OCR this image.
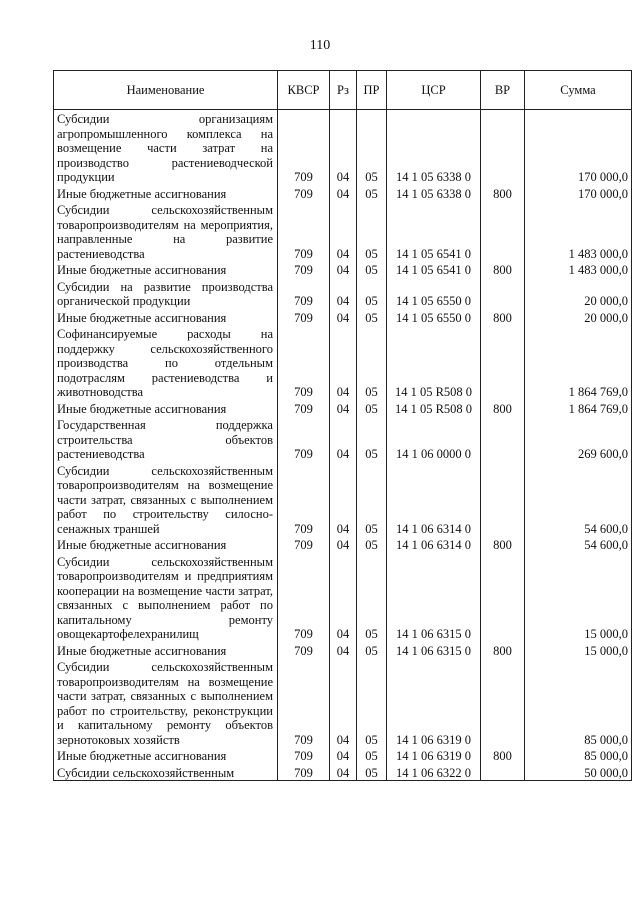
110
Наименование	КВСР	Рз	ПР	ЦСР	ВР	Сумма
Субсидии организациям агропромышленного комплекса на возмещение части затрат на производство растениеводческой продукции	709	04	05	14 1 05 6338 0		170 000,0
Иные бюджетные ассигнования	709	04	05	14 1 05 6338 0	800	170 000,0
Субсидии сельскохозяйственным товаропроизводителям на мероприятия, направленные на развитие растениеводства	709	04	05	14 1 05 6541 0		1 483 000,0
Иные бюджетные ассигнования	709	04	05	14 1 05 6541 0	800	1 483 000,0
Субсидии на развитие производства органической продукции	709	04	05	14 1 05 6550 0		20 000,0
Иные бюджетные ассигнования	709	04	05	14 1 05 6550 0	800	20 000,0
Софинансируемые расходы на поддержку сельскохозяйственного производства по отдельным подотраслям растениеводства и животноводства	709	04	05	14 1 05 R508 0		1 864 769,0
Иные бюджетные ассигнования	709	04	05	14 1 05 R508 0	800	1 864 769,0
Государственная поддержка строительства объектов растениеводства	709	04	05	14 1 06 0000 0		269 600,0
Субсидии сельскохозяйственным товаропроизводителям на возмещение части затрат, связанных с выполнением работ по строительству силосно-сенажных траншей	709	04	05	14 1 06 6314 0		54 600,0
Иные бюджетные ассигнования	709	04	05	14 1 06 6314 0	800	54 600,0
Субсидии сельскохозяйственным товаропроизводителям и предприятиям кооперации на возмещение части затрат, связанных с выполнением работ по капитальному ремонту овощекартофелехранилищ	709	04	05	14 1 06 6315 0		15 000,0
Иные бюджетные ассигнования	709	04	05	14 1 06 6315 0	800	15 000,0
Субсидии сельскохозяйственным товаропроизводителям на возмещение части затрат, связанных с выполнением работ по строительству, реконструкции и капитальному ремонту объектов зернотоковых хозяйств	709	04	05	14 1 06 6319 0		85 000,0
Иные бюджетные ассигнования	709	04	05	14 1 06 6319 0	800	85 000,0
Субсидии сельскохозяйственным	709	04	05	14 1 06 6322 0		50 000,0
